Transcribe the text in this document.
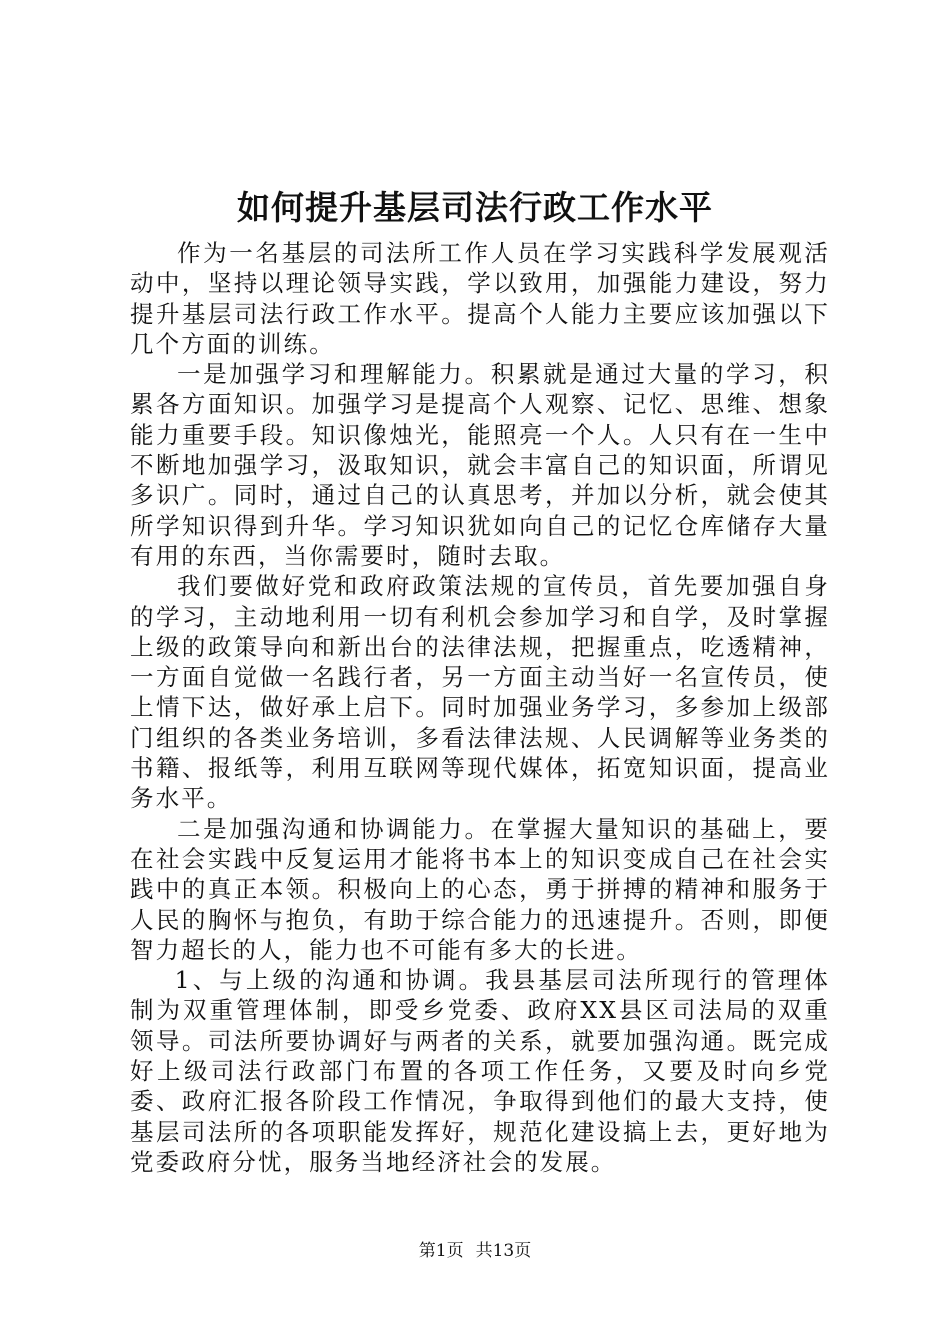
如何提升基层司法行政工作水平

作为一名基层的司法所工作人员在学习实践科学发展观活动中，坚持以理论领导实践，学以致用，加强能力建设，努力提升基层司法行政工作水平。提高个人能力主要应该加强以下几个方面的训练。

一是加强学习和理解能力。积累就是通过大量的学习，积累各方面知识。加强学习是提高个人观察、记忆、思维、想象能力重要手段。知识像烛光，能照亮一个人。人只有在一生中不断地加强学习，汲取知识，就会丰富自己的知识面，所谓见多识广。同时，通过自己的认真思考，并加以分析，就会使其所学知识得到升华。学习知识犹如向自己的记忆仓库储存大量有用的东西，当你需要时，随时去取。

我们要做好党和政府政策法规的宣传员，首先要加强自身的学习，主动地利用一切有利机会参加学习和自学，及时掌握上级的政策导向和新出台的法律法规，把握重点，吃透精神，一方面自觉做一名践行者，另一方面主动当好一名宣传员，使上情下达，做好承上启下。同时加强业务学习，多参加上级部门组织的各类业务培训，多看法律法规、人民调解等业务类的书籍、报纸等，利用互联网等现代媒体，拓宽知识面，提高业务水平。

二是加强沟通和协调能力。在掌握大量知识的基础上，要在社会实践中反复运用才能将书本上的知识变成自己在社会实践中的真正本领。积极向上的心态，勇于拼搏的精神和服务于人民的胸怀与抱负，有助于综合能力的迅速提升。否则，即便智力超长的人，能力也不可能有多大的长进。

1、与上级的沟通和协调。我县基层司法所现行的管理体制为双重管理体制，即受乡党委、政府XX县区司法局的双重领导。司法所要协调好与两者的关系，就要加强沟通。既完成好上级司法行政部门布置的各项工作任务，又要及时向乡党委、政府汇报各阶段工作情况，争取得到他们的最大支持，使基层司法所的各项职能发挥好，规范化建设搞上去，更好地为党委政府分忧，服务当地经济社会的发展。

第1页 共13页
